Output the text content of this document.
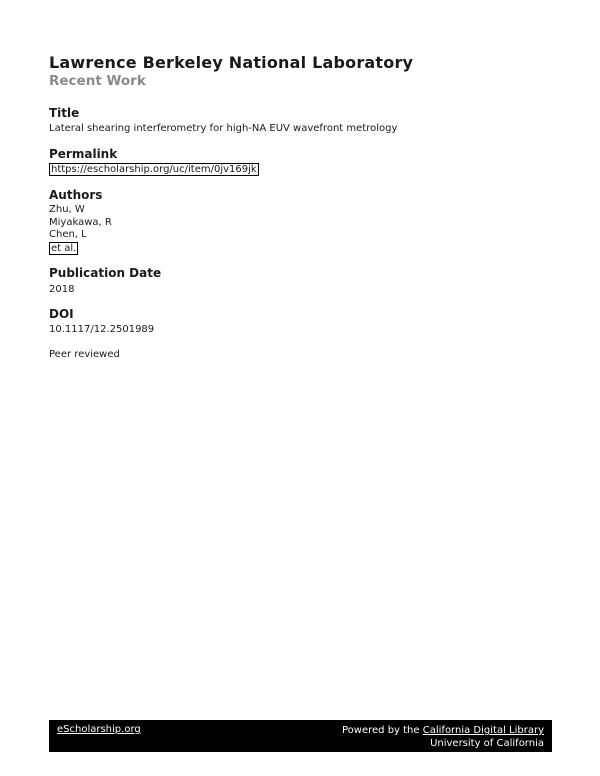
Lawrence Berkeley National Laboratory
Recent Work
Title
Lateral shearing interferometry for high-NA EUV wavefront metrology
Permalink
https://escholarship.org/uc/item/0jv169jk
Authors
Zhu, W
Miyakawa, R
Chen, L
et al.
Publication Date
2018
DOI
10.1117/12.2501989
Peer reviewed
eScholarship.org	Powered by the California Digital Library
University of California
